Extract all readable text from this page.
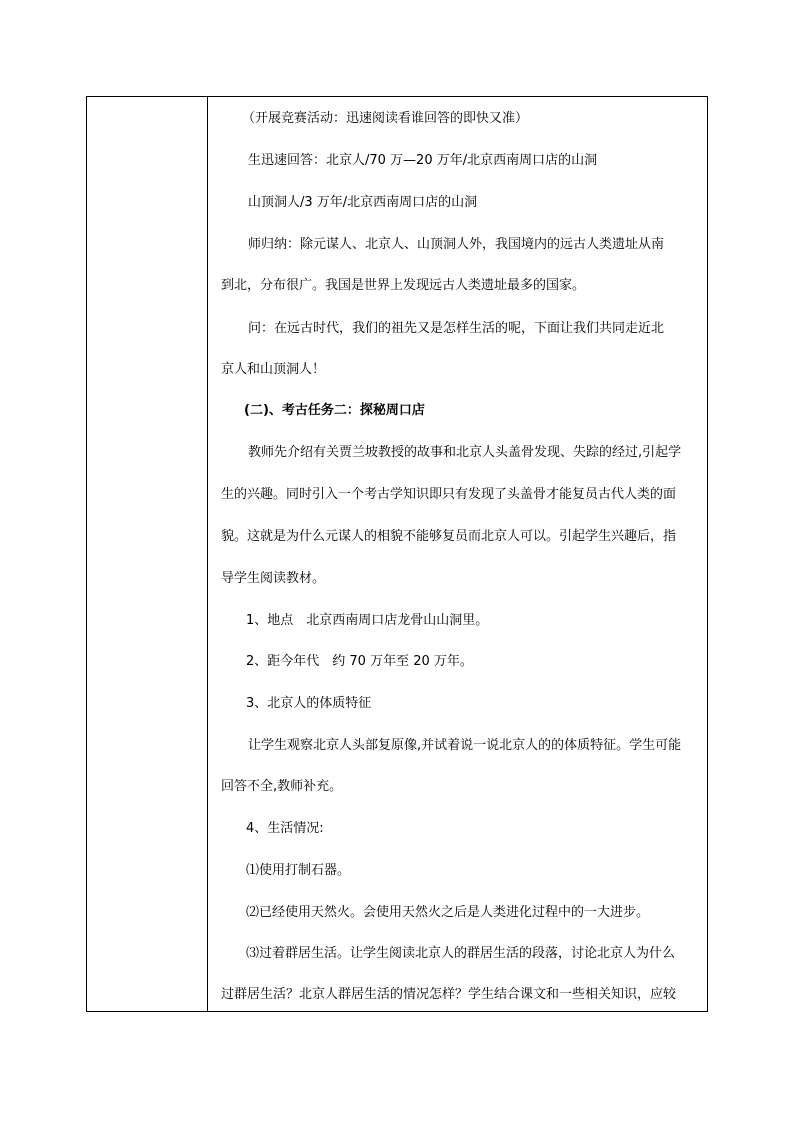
（开展竞赛活动：迅速阅读看谁回答的即快又准）
生迅速回答：北京人/70 万—20 万年/北京西南周口店的山洞
山顶洞人/3 万年/北京西南周口店的山洞
师归纳：除元谋人、北京人、山顶洞人外，我国境内的远古人类遗址从南
到北，分布很广。我国是世界上发现远古人类遗址最多的国家。
问：在远古时代，我们的祖先又是怎样生活的呢，下面让我们共同走近北
京人和山顶洞人！
(二)、考古任务二：探秘周口店
教师先介绍有关贾兰坡教授的故事和北京人头盖骨发现、失踪的经过,引起学
生的兴趣。同时引入一个考古学知识即只有发现了头盖骨才能复员古代人类的面
貌。这就是为什么元谋人的相貌不能够复员而北京人可以。引起学生兴趣后，指
导学生阅读教材。
1、地点　北京西南周口店龙骨山山洞里。
2、距今年代　约 70 万年至 20 万年。
3、北京人的体质特征
让学生观察北京人头部复原像,并试着说一说北京人的的体质特征。学生可能
回答不全,教师补充。
4、生活情况:
⑴使用打制石器。
⑵已经使用天然火。会使用天然火之后是人类进化过程中的一大进步。
⑶过着群居生活。让学生阅读北京人的群居生活的段落，讨论北京人为什么
过群居生活？北京人群居生活的情况怎样？学生结合课文和一些相关知识，应较
